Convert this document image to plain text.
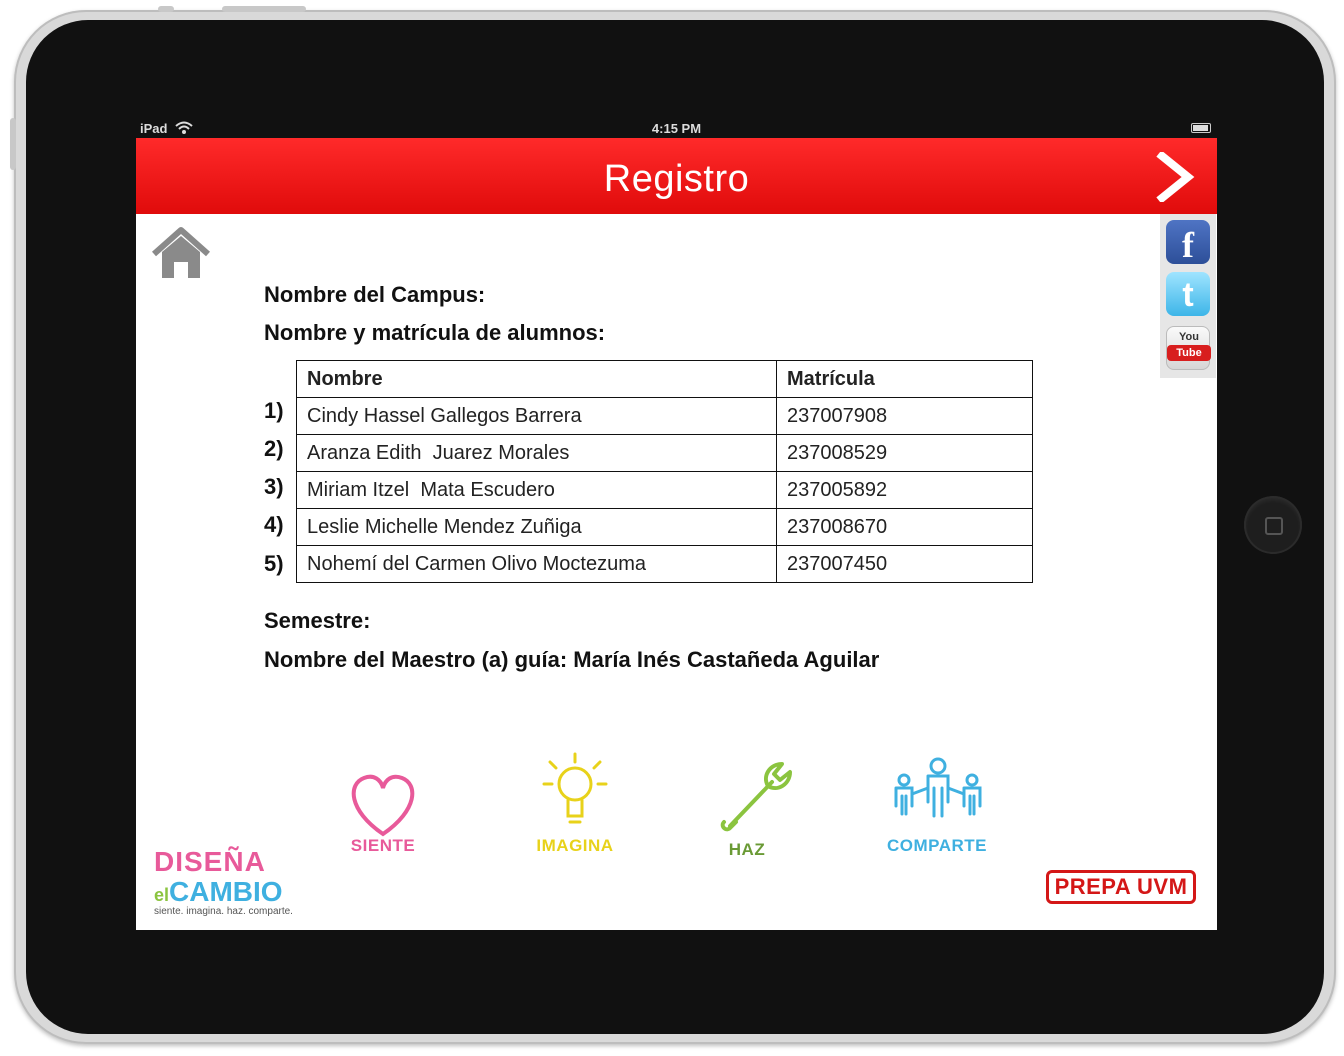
iPad	4:15 PM
Registro
f
t
You
Tube
Nombre del Campus:
Nombre y matrícula de alumnos:
1)
2)
3)
4)
5)
Nombre	Matrícula
Cindy Hassel Gallegos Barrera	237007908
Aranza Edith  Juarez Morales	237008529
Miriam Itzel  Mata Escudero	237005892
Leslie Michelle Mendez Zuñiga	237008670
Nohemí del Carmen Olivo Moctezuma	237007450
Semestre:
Nombre del Maestro (a) guía: María Inés Castañeda Aguilar
SIENTE	IMAGINA	HAZ	COMPARTE
DISEÑA
elCAMBIO
siente. imagina. haz. comparte.
PREPA UVM
